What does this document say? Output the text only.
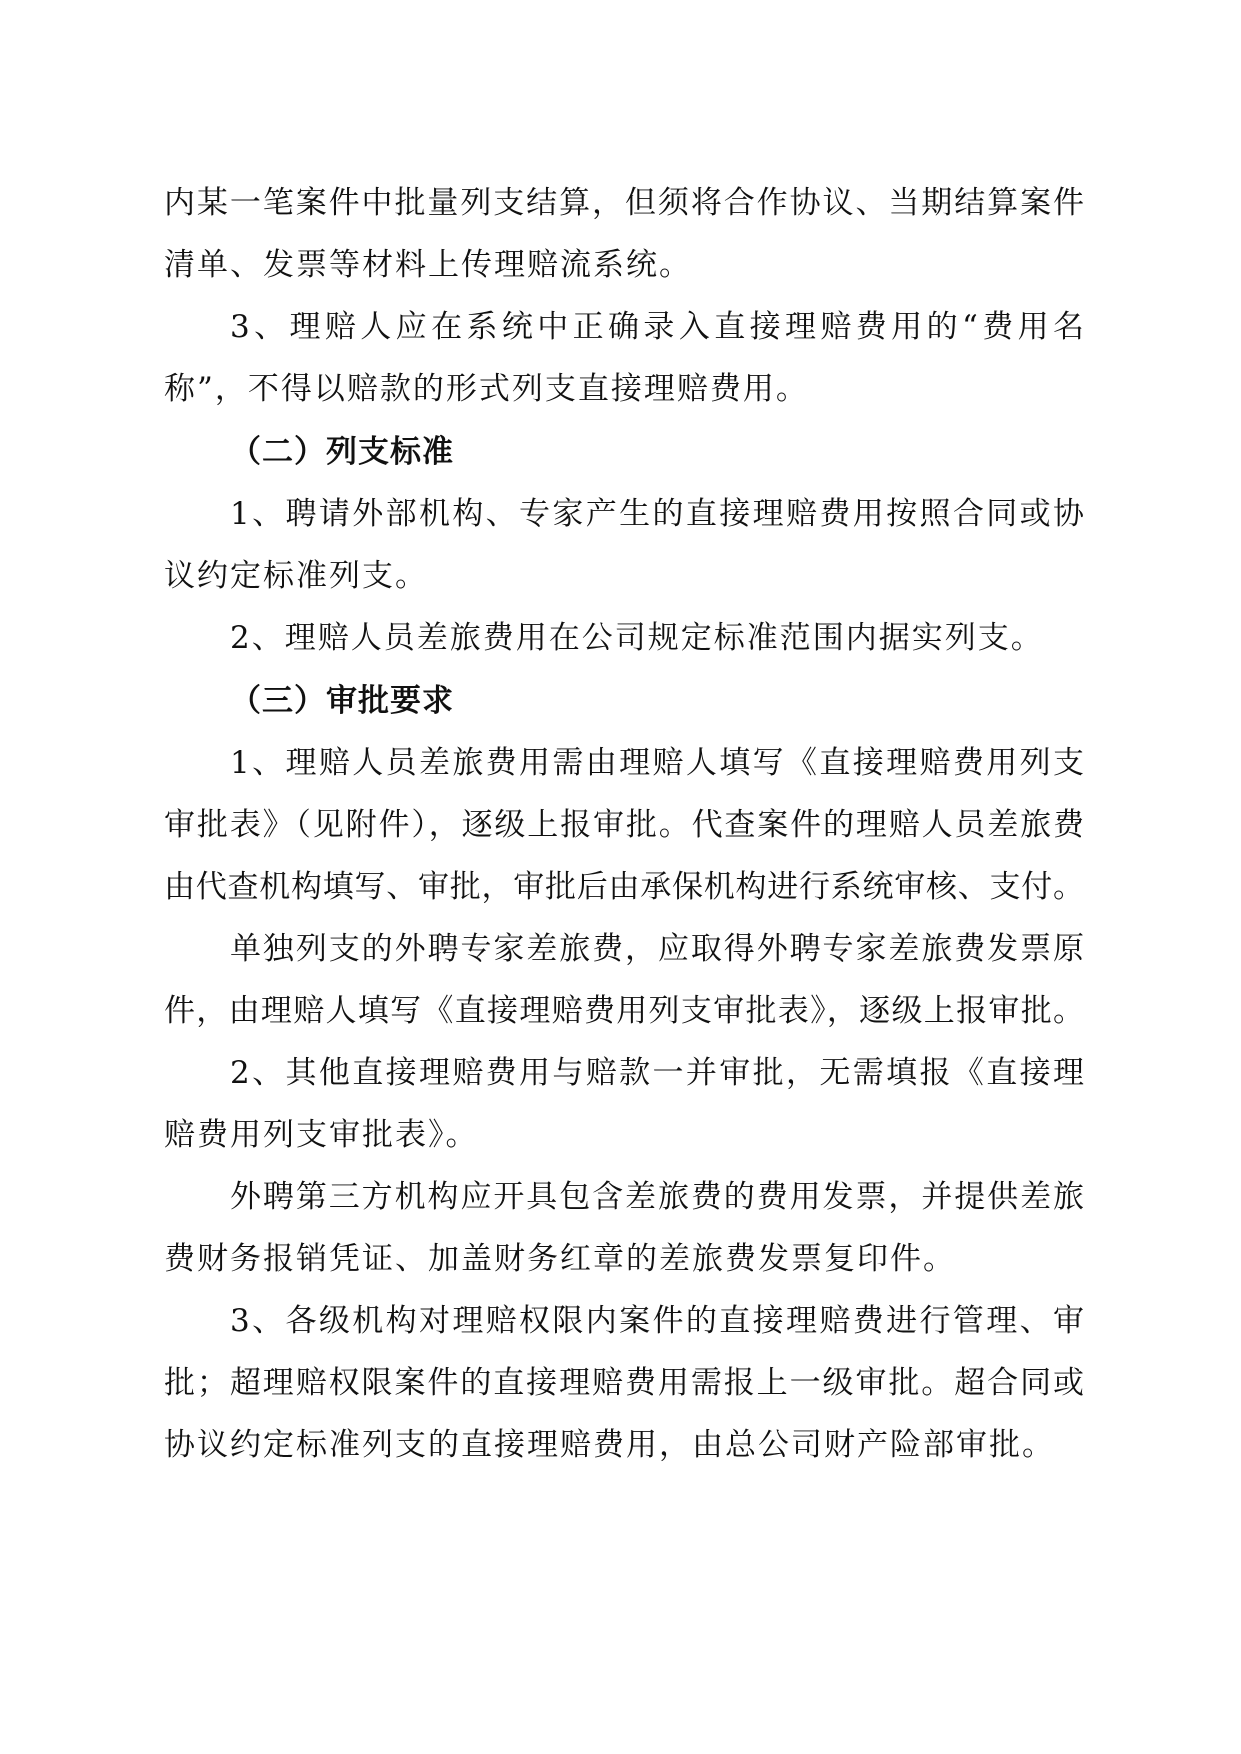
内某一笔案件中批量列支结算，但须将合作协议、当期结算案件
清单、发票等材料上传理赔流系统。
3、理赔人应在系统中正确录入直接理赔费用的“费用名
称”，不得以赔款的形式列支直接理赔费用。
（二）列支标准
1、聘请外部机构、专家产生的直接理赔费用按照合同或协
议约定标准列支。
2、理赔人员差旅费用在公司规定标准范围内据实列支。
（三）审批要求
1、理赔人员差旅费用需由理赔人填写《直接理赔费用列支
审批表》（见附件），逐级上报审批。代查案件的理赔人员差旅费
由代查机构填写、审批，审批后由承保机构进行系统审核、支付。
单独列支的外聘专家差旅费，应取得外聘专家差旅费发票原
件，由理赔人填写《直接理赔费用列支审批表》，逐级上报审批。
2、其他直接理赔费用与赔款一并审批，无需填报《直接理
赔费用列支审批表》。
外聘第三方机构应开具包含差旅费的费用发票，并提供差旅
费财务报销凭证、加盖财务红章的差旅费发票复印件。
3、各级机构对理赔权限内案件的直接理赔费进行管理、审
批；超理赔权限案件的直接理赔费用需报上一级审批。超合同或
协议约定标准列支的直接理赔费用，由总公司财产险部审批。
